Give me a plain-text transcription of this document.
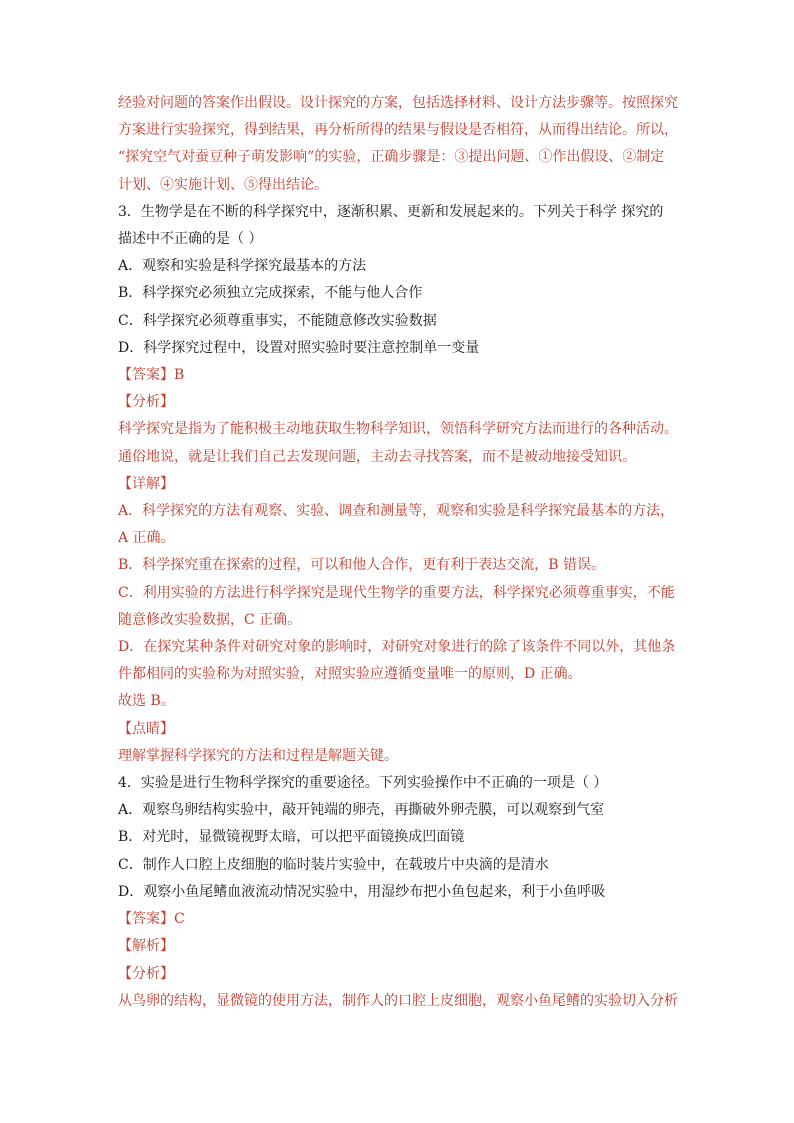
经验对问题的答案作出假设。设计探究的方案，包括选择材料、设计方法步骤等。按照探究
方案进行实验探究，得到结果，再分析所得的结果与假设是否相符，从而得出结论。所以，
“探究空气对蚕豆种子萌发影响”的实验，正确步骤是：③提出问题、①作出假设、②制定
计划、④实施计划、⑤得出结论。
3．生物学是在不断的科学探究中，逐渐积累、更新和发展起来的。下列关于科学 探究的
描述中不正确的是（ ）
A．观察和实验是科学探究最基本的方法
B．科学探究必须独立完成探索，不能与他人合作
C．科学探究必须尊重事实，不能随意修改实验数据
D．科学探究过程中，设置对照实验时要注意控制单一变量
【答案】B
【分析】
科学探究是指为了能积极主动地获取生物科学知识，领悟科学研究方法而进行的各种活动。
通俗地说，就是让我们自己去发现问题，主动去寻找答案，而不是被动地接受知识。
【详解】
A．科学探究的方法有观察、实验、调查和测量等，观察和实验是科学探究最基本的方法，
A 正确。
B．科学探究重在探索的过程，可以和他人合作，更有利于表达交流，B 错误。
C．利用实验的方法进行科学探究是现代生物学的重要方法，科学探究必须尊重事实，不能
随意修改实验数据，C 正确。
D．在探究某种条件对研究对象的影响时，对研究对象进行的除了该条件不同以外，其他条
件都相同的实验称为对照实验，对照实验应遵循变量唯一的原则，D 正确。
故选 B。
【点睛】
理解掌握科学探究的方法和过程是解题关键。
4．实验是进行生物科学探究的重要途径。下列实验操作中不正确的一项是（ ）
A．观察鸟卵结构实验中，敲开钝端的卵壳，再撕破外卵壳膜，可以观察到气室
B．对光时，显微镜视野太暗，可以把平面镜换成凹面镜
C．制作人口腔上皮细胞的临时装片实验中，在载玻片中央滴的是清水
D．观察小鱼尾鳍血液流动情况实验中，用湿纱布把小鱼包起来，利于小鱼呼吸
【答案】C
【解析】
【分析】
从鸟卵的结构，显微镜的使用方法，制作人的口腔上皮细胞，观察小鱼尾鳍的实验切入分析
